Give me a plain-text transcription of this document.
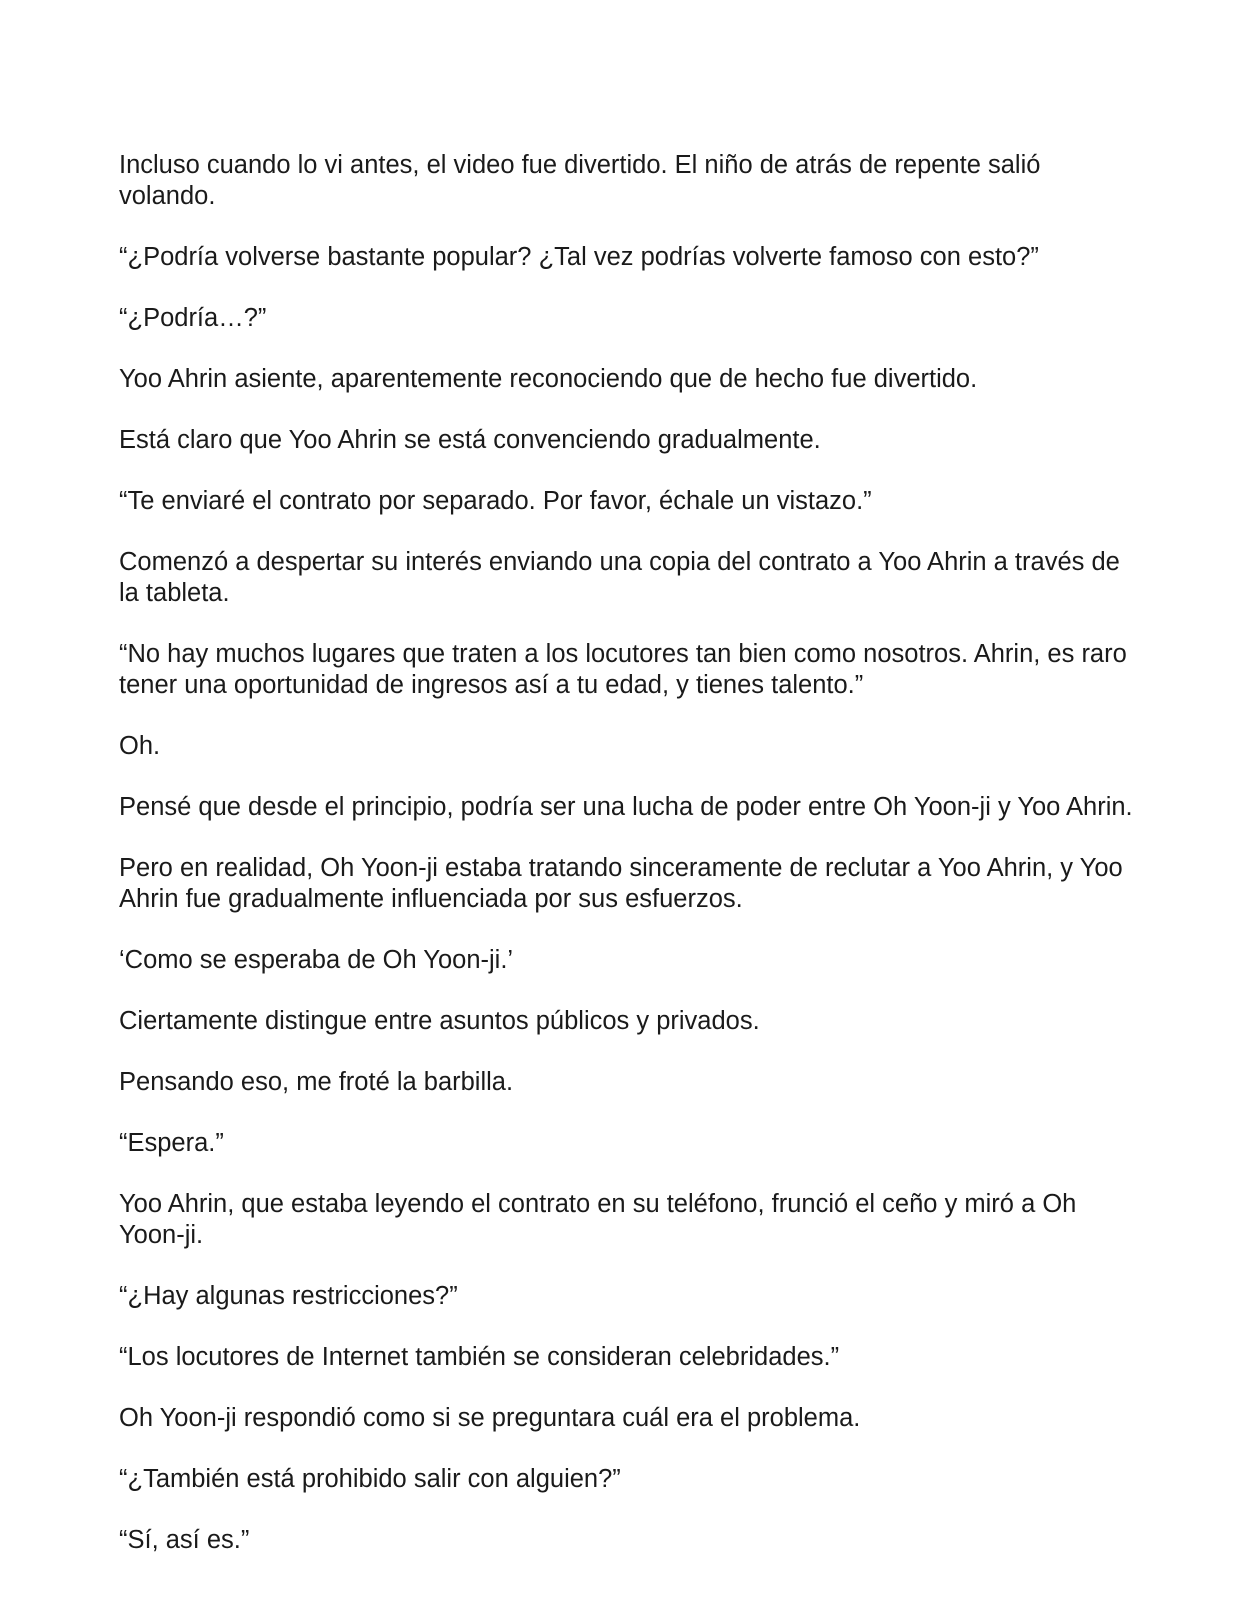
Incluso cuando lo vi antes, el video fue divertido. El niño de atrás de repente salió volando.

“¿Podría volverse bastante popular? ¿Tal vez podrías volverte famoso con esto?”

“¿Podría…?”

Yoo Ahrin asiente, aparentemente reconociendo que de hecho fue divertido.

Está claro que Yoo Ahrin se está convenciendo gradualmente.

“Te enviaré el contrato por separado. Por favor, échale un vistazo.”

Comenzó a despertar su interés enviando una copia del contrato a Yoo Ahrin a través de la tableta.

“No hay muchos lugares que traten a los locutores tan bien como nosotros. Ahrin, es raro tener una oportunidad de ingresos así a tu edad, y tienes talento.”

Oh.

Pensé que desde el principio, podría ser una lucha de poder entre Oh Yoon-ji y Yoo Ahrin.

Pero en realidad, Oh Yoon-ji estaba tratando sinceramente de reclutar a Yoo Ahrin, y Yoo Ahrin fue gradualmente influenciada por sus esfuerzos.

‘Como se esperaba de Oh Yoon-ji.’

Ciertamente distingue entre asuntos públicos y privados.

Pensando eso, me froté la barbilla.

“Espera.”

Yoo Ahrin, que estaba leyendo el contrato en su teléfono, frunció el ceño y miró a Oh Yoon-ji.

“¿Hay algunas restricciones?”

“Los locutores de Internet también se consideran celebridades.”

Oh Yoon-ji respondió como si se preguntara cuál era el problema.

“¿También está prohibido salir con alguien?”

“Sí, así es.”
